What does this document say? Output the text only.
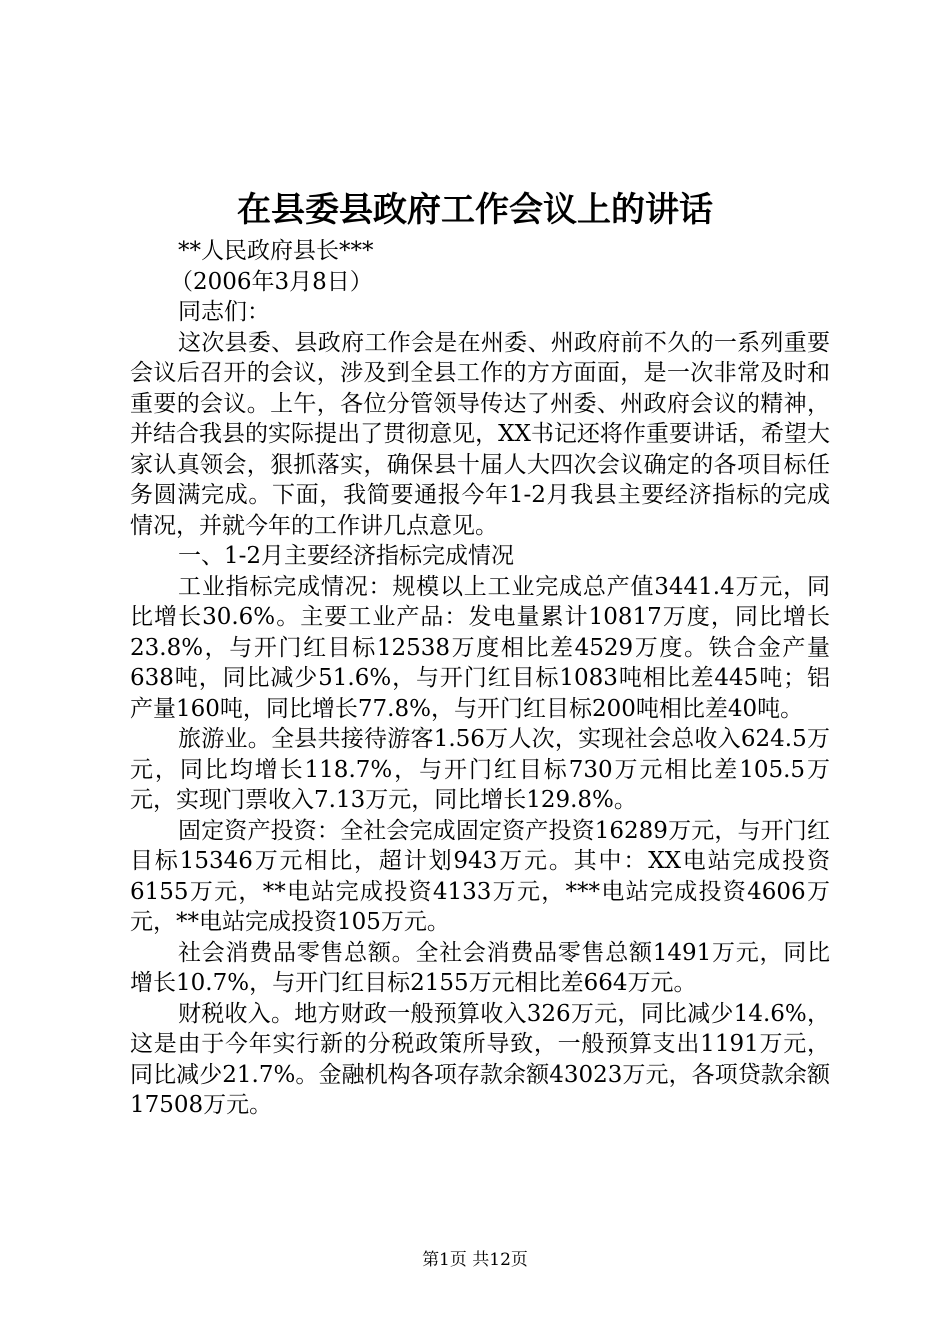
在县委县政府工作会议上的讲话

**人民政府县长***

（2006年3月8日）

同志们：

这次县委、县政府工作会是在州委、州政府前不久的一系列重要会议后召开的会议，涉及到全县工作的方方面面，是一次非常及时和重要的会议。上午，各位分管领导传达了州委、州政府会议的精神，并结合我县的实际提出了贯彻意见，XX书记还将作重要讲话，希望大家认真领会，狠抓落实，确保县十届人大四次会议确定的各项目标任务圆满完成。下面，我简要通报今年1-2月我县主要经济指标的完成情况，并就今年的工作讲几点意见。

一、1-2月主要经济指标完成情况

工业指标完成情况：规模以上工业完成总产值3441.4万元，同比增长30.6%。主要工业产品：发电量累计10817万度，同比增长23.8%，与开门红目标12538万度相比差4529万度。铁合金产量638吨，同比减少51.6%，与开门红目标1083吨相比差445吨；铝产量160吨，同比增长77.8%，与开门红目标200吨相比差40吨。

旅游业。全县共接待游客1.56万人次，实现社会总收入624.5万元，同比均增长118.7%，与开门红目标730万元相比差105.5万元，实现门票收入7.13万元，同比增长129.8%。

固定资产投资：全社会完成固定资产投资16289万元，与开门红目标15346万元相比，超计划943万元。其中：XX电站完成投资6155万元，**电站完成投资4133万元，***电站完成投资4606万元，**电站完成投资105万元。

社会消费品零售总额。全社会消费品零售总额1491万元，同比增长10.7%，与开门红目标2155万元相比差664万元。

财税收入。地方财政一般预算收入326万元，同比减少14.6%，这是由于今年实行新的分税政策所导致，一般预算支出1191万元，同比减少21.7%。金融机构各项存款余额43023万元，各项贷款余额17508万元。

第1页 共12页
